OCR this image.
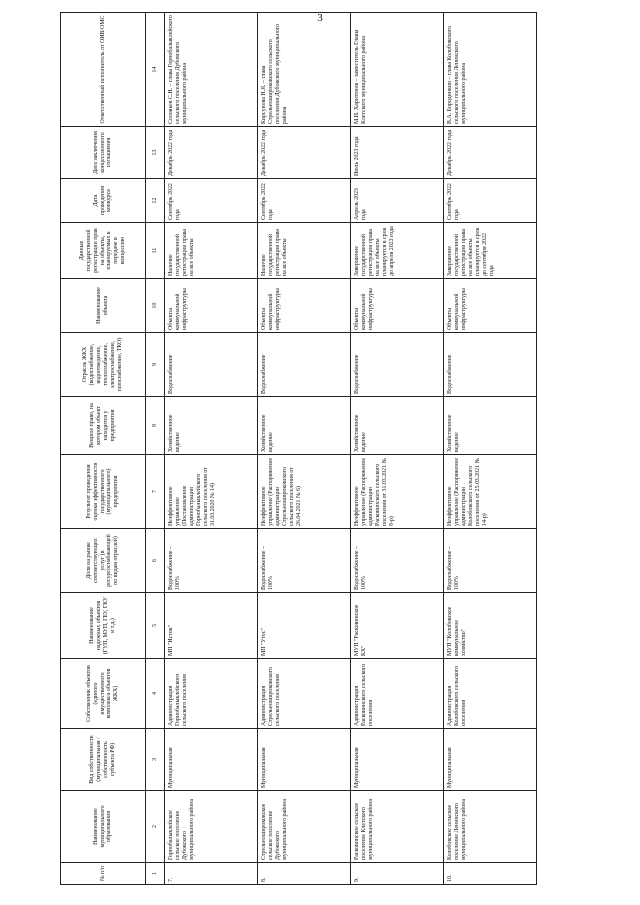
3
№ п/п	Наименование муниципального образования	Вид собственности (муниципальная /собственность субъекта РФ)	Собственник объектов (единого имущественного комплекса объектов ЖКХ)	Наименование надежных объектов (ГУП, МУП, ГБУ, ГКУ и т.д.)	Доля на рынке соответствующих услуг (в ресурсоснабжающей по видам отраслей)	Результат проведения оценки эффективности государственного (муниципального) предприятия	Вещное право, на котором объект находится у предприятия	Отрасль ЖКХ (водоснабжение, водоотведение, теплоснабжение, электроснабжение, газоснабжение, ТКО)	Наименование объекта	Данные государственной регистрации прав на объекты, планируемых к передаче в концессию	Дата проведения конкурса	Дата заключения концессионного соглашения	Ответственный исполнитель от ОИВ/ОМС
1	2	3	4	5	6	7	8	9	10	11	12	13	14
7.	Горнобалыклейское сельское поселение Дубовского муниципального района	Муниципальная	Администрация Горнобалыклейского сельского поселения	МП "Исток"	Водоснабжение – 100%	Неэффективное управление (Постановление администрации Горнобалыклейского сельского поселения от 31.03.2020 № 14)	Хозяйственное ведение	Водоснабжение	Объекты коммунальной инфраструктуры	Наличие государственной регистрации права на все объекты	Сентябрь 2022 года	Декабрь 2022 года	Соловьев С.Н. – глава Горнобалыклейского сельского поселения Дубовского муниципального района
8.	Стрельношироковское сельское поселение Дубовского муниципального района	Муниципальная	Администрация Стрельношироковского сельского поселения	МП "Утес"	Водоснабжение – 100%	Неэффективное управление (Распоряжение администрации Стрельношироковского сельского поселения от 26.04.2021 № 6)	Хозяйственное ведение	Водоснабжение	Объекты коммунальной инфраструктуры	Наличие государственной регистрации права на все объекты	Сентябрь 2022 года	Декабрь 2022 года	Кирсунова Н.Я. – глава Стрельношироковского сельского поселения Дубовского муниципального района
9.	Расковинское сельское поселение Клетского муниципального района	Муниципальная	Администрация Расковинского сельского поселения	МУП "Расковинское КХ"	Водоснабжение – 100%	Неэффективное управление (Распоряжение администрации Расковинского сельского поселения от 31.03.2021 № 8-р)	Хозяйственное ведение	Водоснабжение	Объекты коммунальной инфраструктуры	Завершение государственной регистрации права на все объекты планируется в срок до апреля 2023 года	Апрель 2023 года	Июль 2023 года	М.И. Харитонов – заместитель Главы Клетского муниципального района
10.	Колобовское сельское поселение Ленинского муниципального района	Муниципальная	Администрация Колобовского сельского поселения	МУП "Колобовское коммунальное хозяйство"	Водоснабжение – 100%	Неэффективное управление (Распоряжение администрации Колобовского сельского поселения от 25.03.2021 № 14-р)	Хозяйственное ведение	Водоснабжение	Объекты коммунальной инфраструктуры	Завершение государственной регистрации права на все объекты планируется в срок до сентября 2022 года	Сентябрь 2022 года	Декабрь 2022 года	В.А. Бородинкин – глава Колобовского сельского поселения Ленинского муниципального района
